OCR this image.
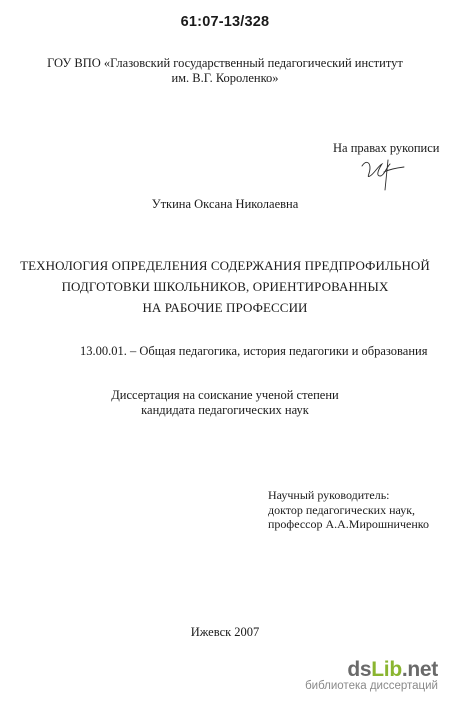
61:07-13/328
ГОУ ВПО «Глазовский государственный педагогический институт
им. В.Г. Короленко»
На правах рукописи
Уткина Оксана Николаевна
ТЕХНОЛОГИЯ ОПРЕДЕЛЕНИЯ СОДЕРЖАНИЯ ПРЕДПРОФИЛЬНОЙ
ПОДГОТОВКИ ШКОЛЬНИКОВ, ОРИЕНТИРОВАННЫХ
НА РАБОЧИЕ ПРОФЕССИИ
13.00.01. – Общая педагогика, история педагогики и образования
Диссертация на соискание ученой степени
кандидата педагогических наук
Научный руководитель:
доктор педагогических наук,
профессор А.А.Мирошниченко
Ижевск 2007
dsLib.net
библиотека диссертаций
